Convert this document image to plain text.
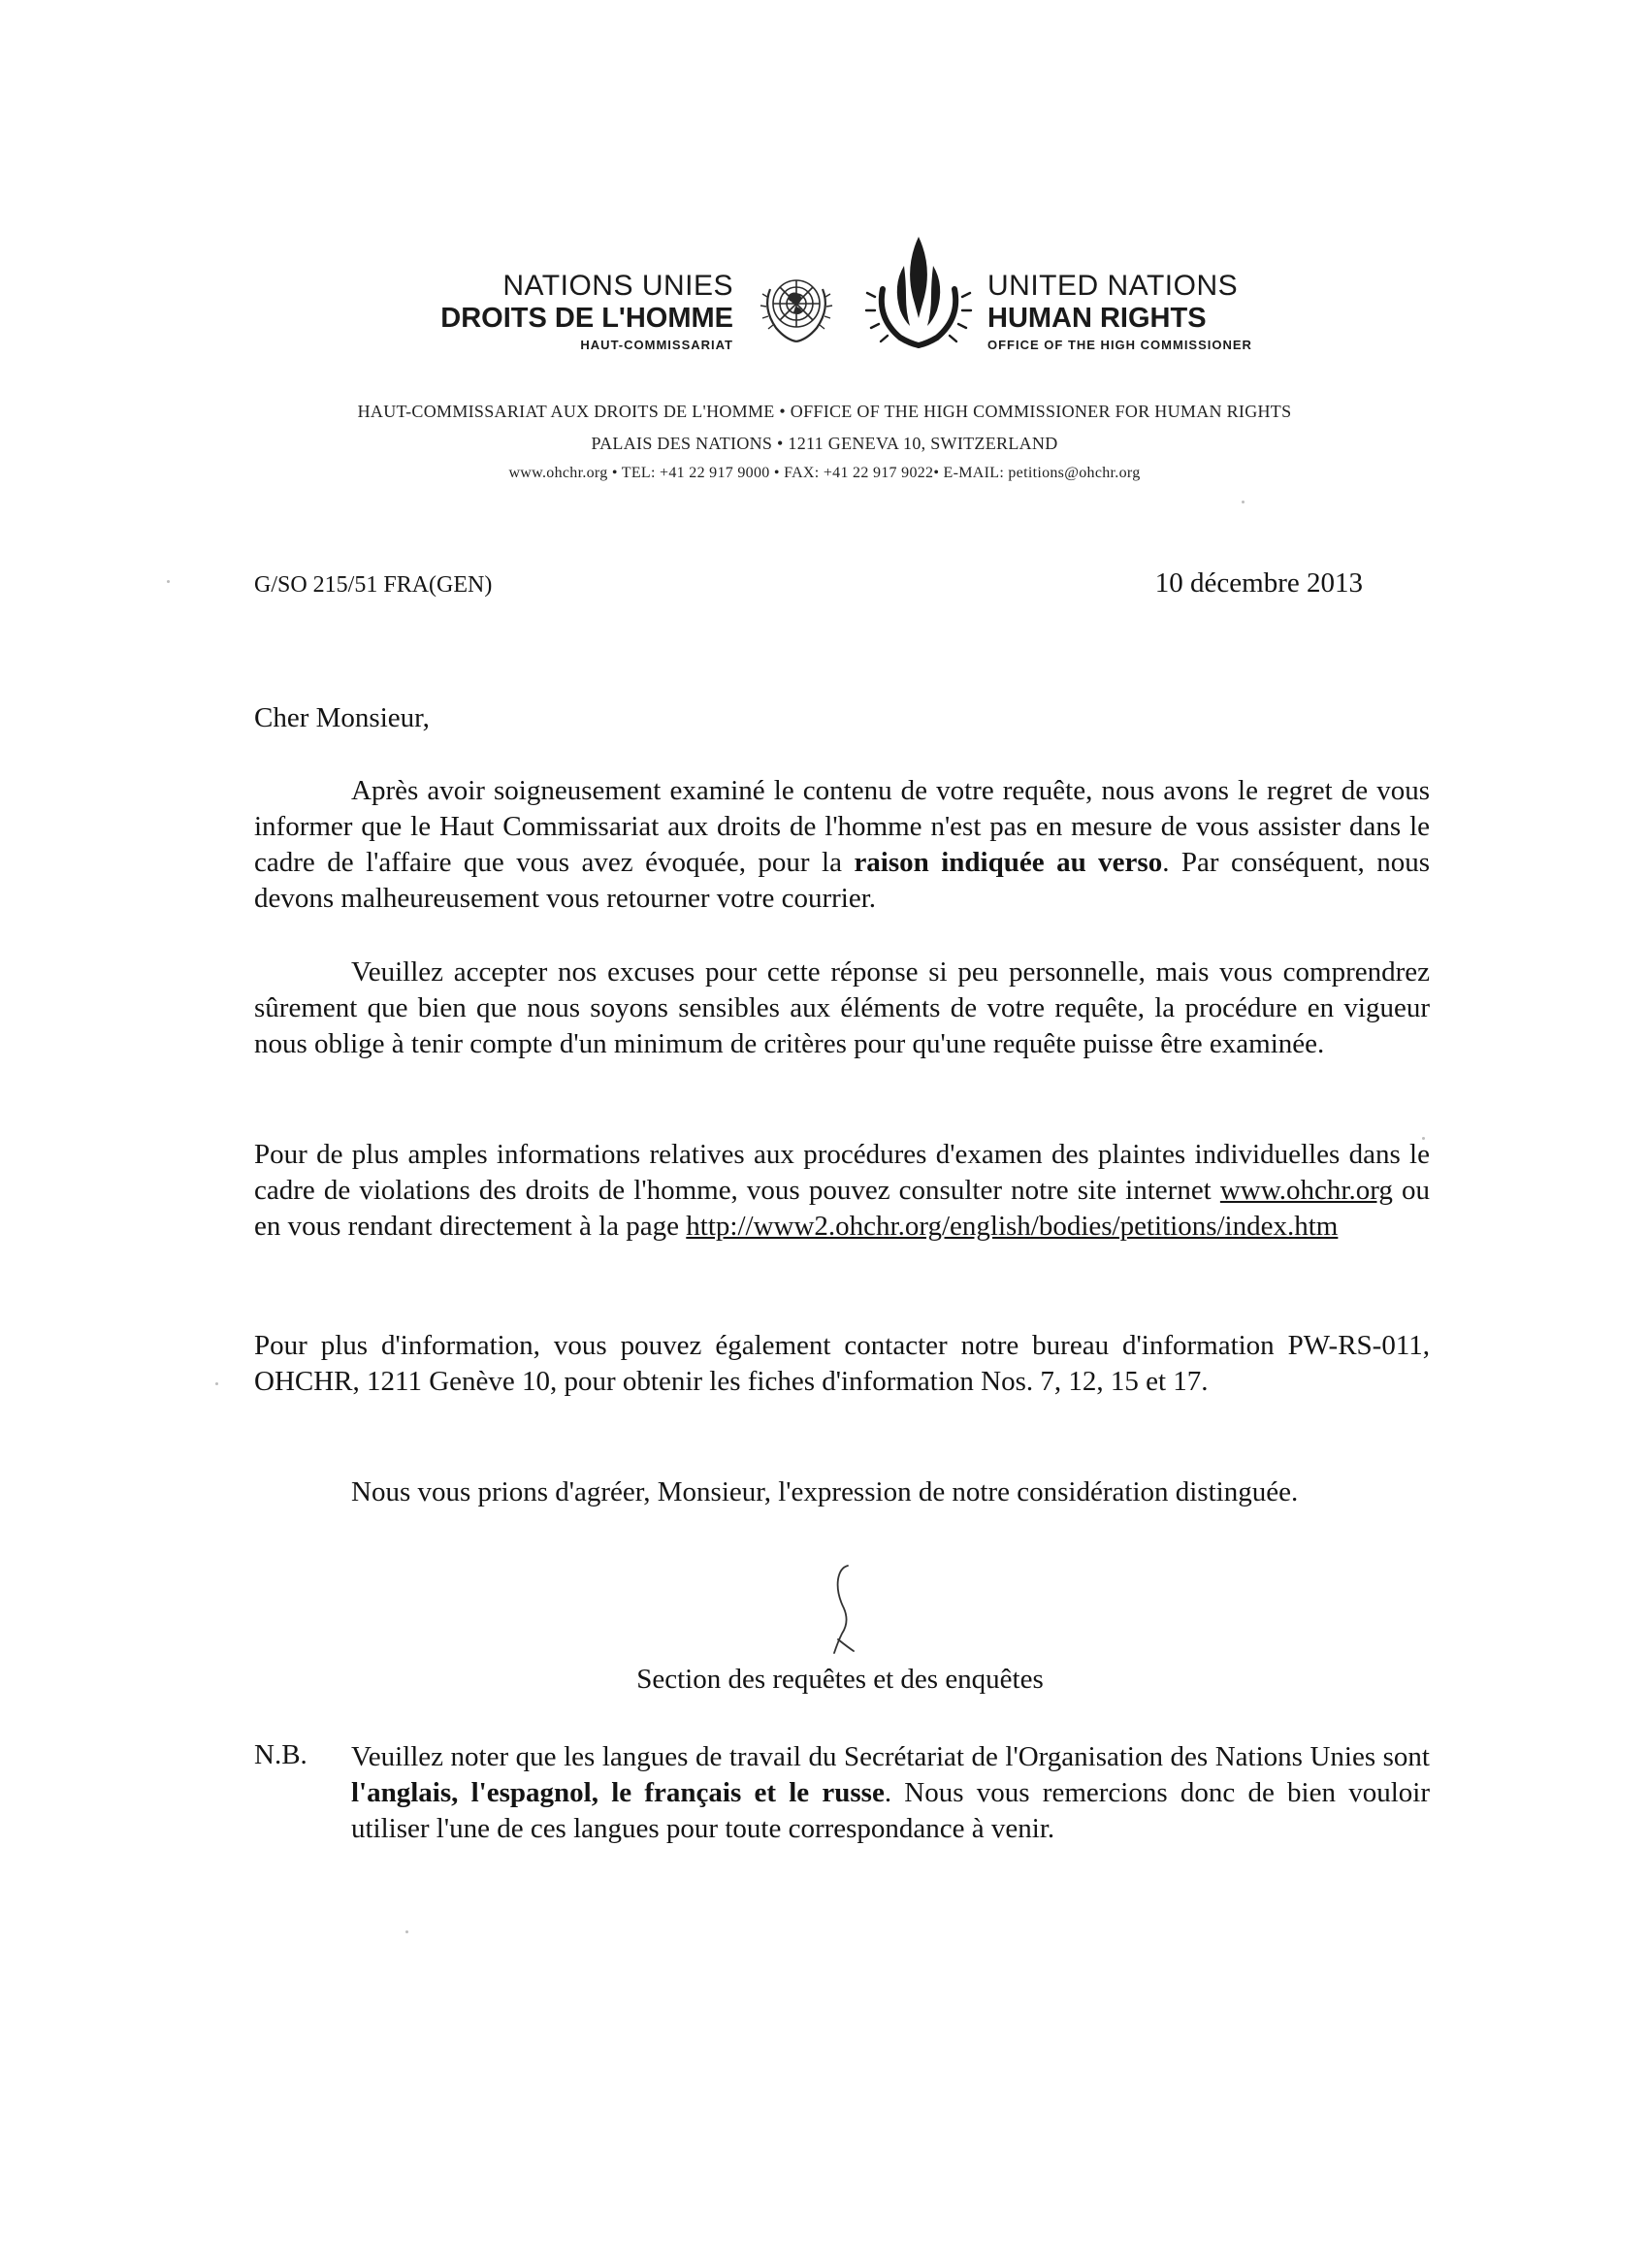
NATIONS UNIES
DROITS DE L'HOMME
HAUT-COMMISSARIAT
UNITED NATIONS
HUMAN RIGHTS
OFFICE OF THE HIGH COMMISSIONER
HAUT-COMMISSARIAT AUX DROITS DE L'HOMME • OFFICE OF THE HIGH COMMISSIONER FOR HUMAN RIGHTS
PALAIS DES NATIONS • 1211 GENEVA 10, SWITZERLAND
www.ohchr.org • TEL: +41 22 917 9000 • FAX: +41 22 917 9022• E-MAIL: petitions@ohchr.org
G/SO 215/51 FRA(GEN)	10 décembre 2013
Cher Monsieur,
Après avoir soigneusement examiné le contenu de votre requête, nous avons le regret de vous informer que le Haut Commissariat aux droits de l'homme n'est pas en mesure de vous assister dans le cadre de l'affaire que vous avez évoquée, pour la raison indiquée au verso. Par conséquent, nous devons malheureusement vous retourner votre courrier.
Veuillez accepter nos excuses pour cette réponse si peu personnelle, mais vous comprendrez sûrement que bien que nous soyons sensibles aux éléments de votre requête, la procédure en vigueur nous oblige à tenir compte d'un minimum de critères pour qu'une requête puisse être examinée.
Pour de plus amples informations relatives aux procédures d'examen des plaintes individuelles dans le cadre de violations des droits de l'homme, vous pouvez consulter notre site internet www.ohchr.org ou en vous rendant directement à la page http://www2.ohchr.org/english/bodies/petitions/index.htm
Pour plus d'information, vous pouvez également contacter notre bureau d'information PW-RS-011, OHCHR, 1211 Genève 10, pour obtenir les fiches d'information Nos. 7, 12, 15 et 17.
Nous vous prions d'agréer, Monsieur, l'expression de notre considération distinguée.
Section des requêtes et des enquêtes
N.B. Veuillez noter que les langues de travail du Secrétariat de l'Organisation des Nations Unies sont l'anglais, l'espagnol, le français et le russe. Nous vous remercions donc de bien vouloir utiliser l'une de ces langues pour toute correspondance à venir.
